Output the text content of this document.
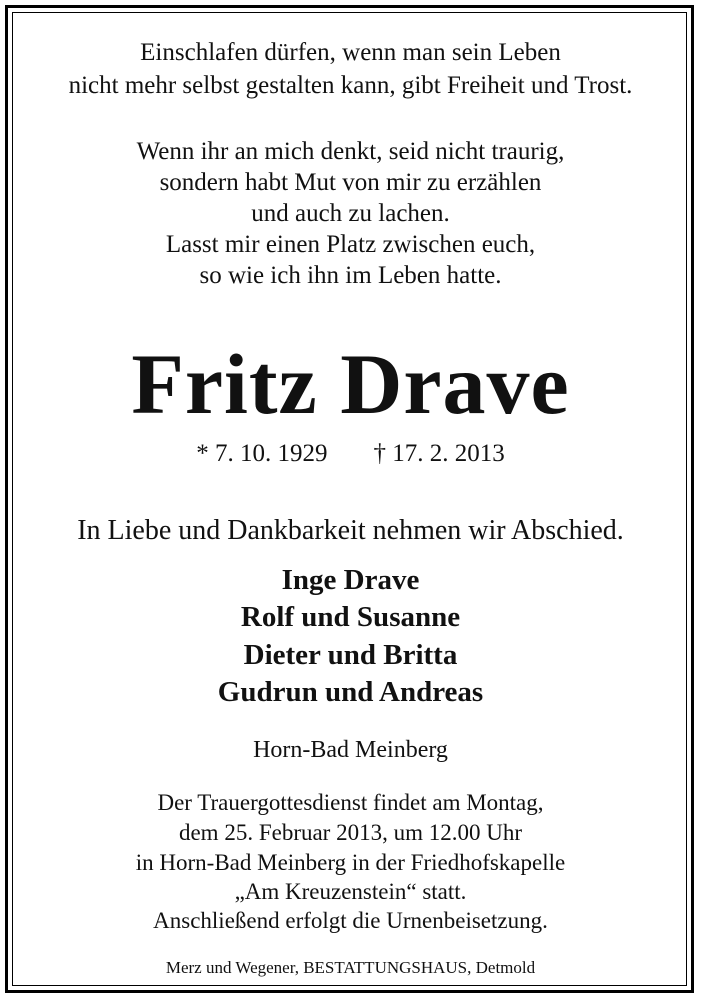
Einschlafen dürfen, wenn man sein Leben
nicht mehr selbst gestalten kann, gibt Freiheit und Trost.
Wenn ihr an mich denkt, seid nicht traurig,
sondern habt Mut von mir zu erzählen
und auch zu lachen.
Lasst mir einen Platz zwischen euch,
so wie ich ihn im Leben hatte.
Fritz Drave
* 7. 10. 1929 † 17. 2. 2013
In Liebe und Dankbarkeit nehmen wir Abschied.
Inge Drave
Rolf und Susanne
Dieter und Britta
Gudrun und Andreas
Horn-Bad Meinberg
Der Trauergottesdienst findet am Montag,
dem 25. Februar 2013, um 12.00 Uhr
in Horn-Bad Meinberg in der Friedhofskapelle
„Am Kreuzenstein“ statt.
Anschließend erfolgt die Urnenbeisetzung.
Merz und Wegener, BESTATTUNGSHAUS, Detmold
